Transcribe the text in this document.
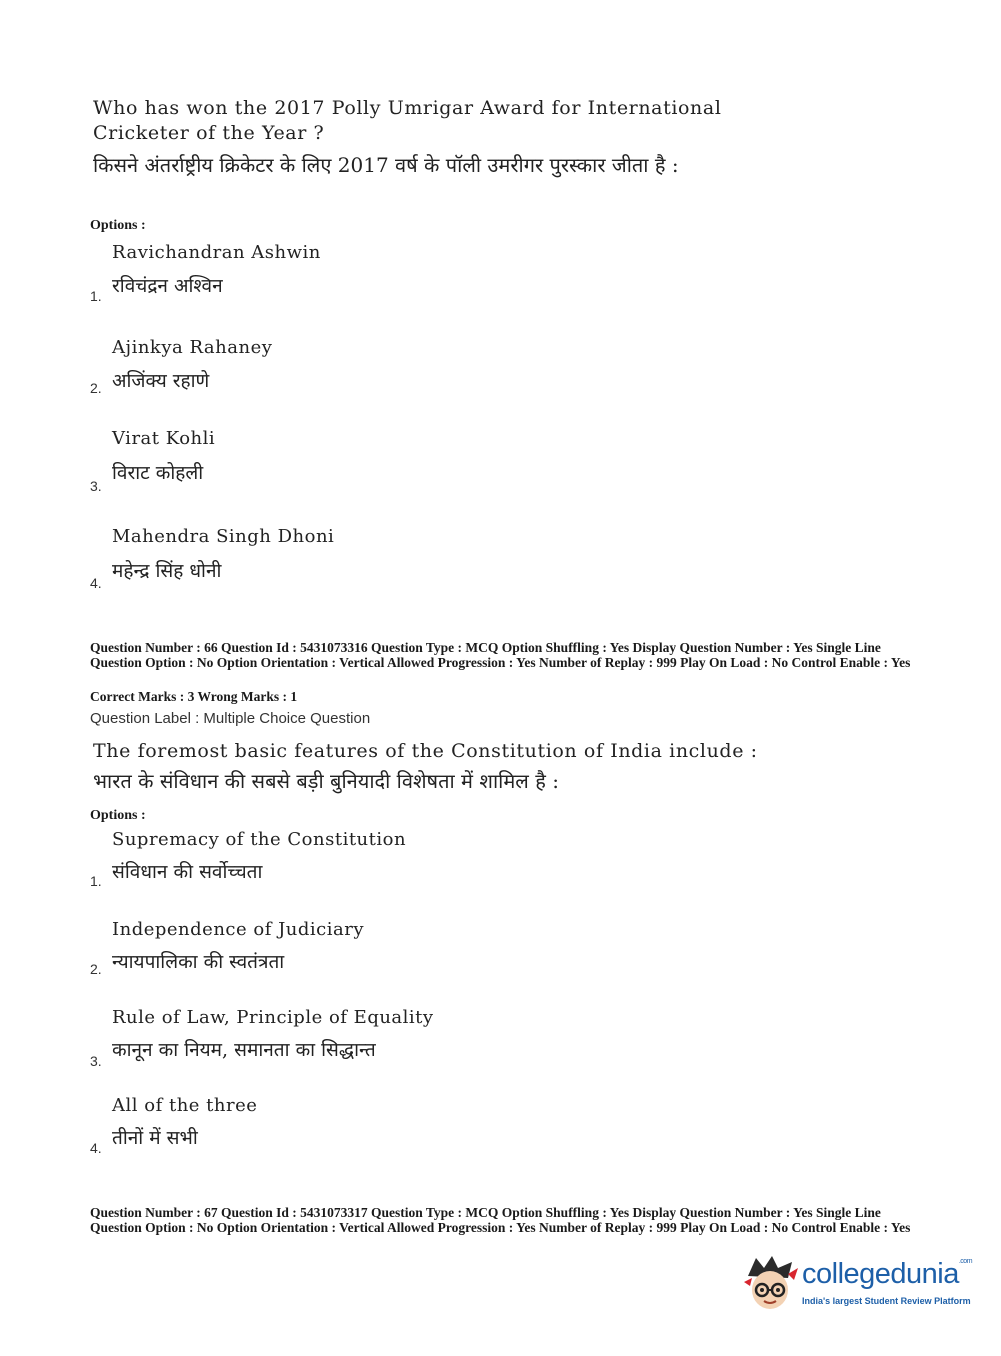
Who has won the 2017 Polly Umrigar Award for International Cricketer of the Year ?
किसने अंतर्राष्ट्रीय क्रिकेटर के लिए 2017 वर्ष के पॉली उमरीगर पुरस्कार जीता है :
Options :
Ravichandran Ashwin
रविचंद्रन अश्विन
1.
Ajinkya Rahaney
अजिंक्य रहाणे
2.
Virat Kohli
विराट कोहली
3.
Mahendra Singh Dhoni
महेन्द्र सिंह धोनी
4.
Question Number : 66 Question Id : 5431073316 Question Type : MCQ Option Shuffling : Yes Display Question Number : Yes Single Line Question Option : No Option Orientation : Vertical Allowed Progression : Yes Number of Replay : 999 Play On Load : No Control Enable : Yes
Correct Marks : 3 Wrong Marks : 1
Question Label : Multiple Choice Question
The foremost basic features of the Constitution of India include :
भारत के संविधान की सबसे बड़ी बुनियादी विशेषता में शामिल है :
Options :
Supremacy of the Constitution
संविधान की सर्वोच्चता
1.
Independence of Judiciary
न्यायपालिका की स्वतंत्रता
2.
Rule of Law, Principle of Equality
कानून का नियम, समानता का सिद्धान्त
3.
All of the three
तीनों में सभी
4.
Question Number : 67 Question Id : 5431073317 Question Type : MCQ Option Shuffling : Yes Display Question Number : Yes Single Line Question Option : No Option Orientation : Vertical Allowed Progression : Yes Number of Replay : 999 Play On Load : No Control Enable : Yes
collegedunia$^{.com}$
India's largest Student Review Platform
